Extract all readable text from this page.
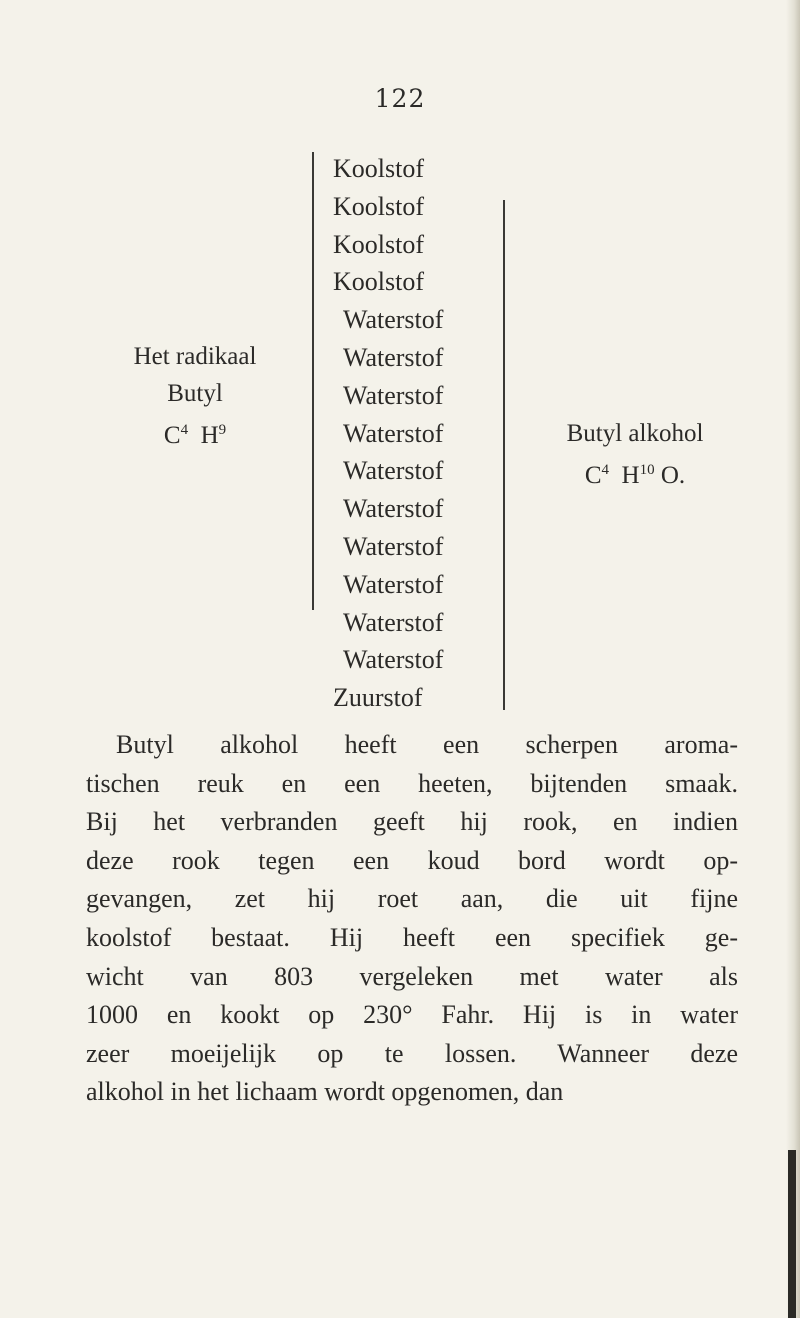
122
Het radikaal
Butyl
$C^4$ $H^9$
Koolstof
Koolstof
Koolstof
Koolstof
Waterstof
Waterstof
Waterstof
Waterstof
Waterstof
Waterstof
Waterstof
Waterstof
Waterstof
Waterstof
Zuurstof
Butyl alkohol
$C^4$ $H^{10}$ O.
Butyl alkohol heeft een scherpen aroma-
tischen reuk en een heeten, bijtenden smaak.
Bij het verbranden geeft hij rook, en indien
deze rook tegen een koud bord wordt op-
gevangen, zet hij roet aan, die uit fijne
koolstof bestaat. Hij heeft een specifiek ge-
wicht van 803 vergeleken met water als
1000 en kookt op 230° Fahr. Hij is in water
zeer moeijelijk op te lossen. Wanneer deze
alkohol in het lichaam wordt opgenomen, dan
